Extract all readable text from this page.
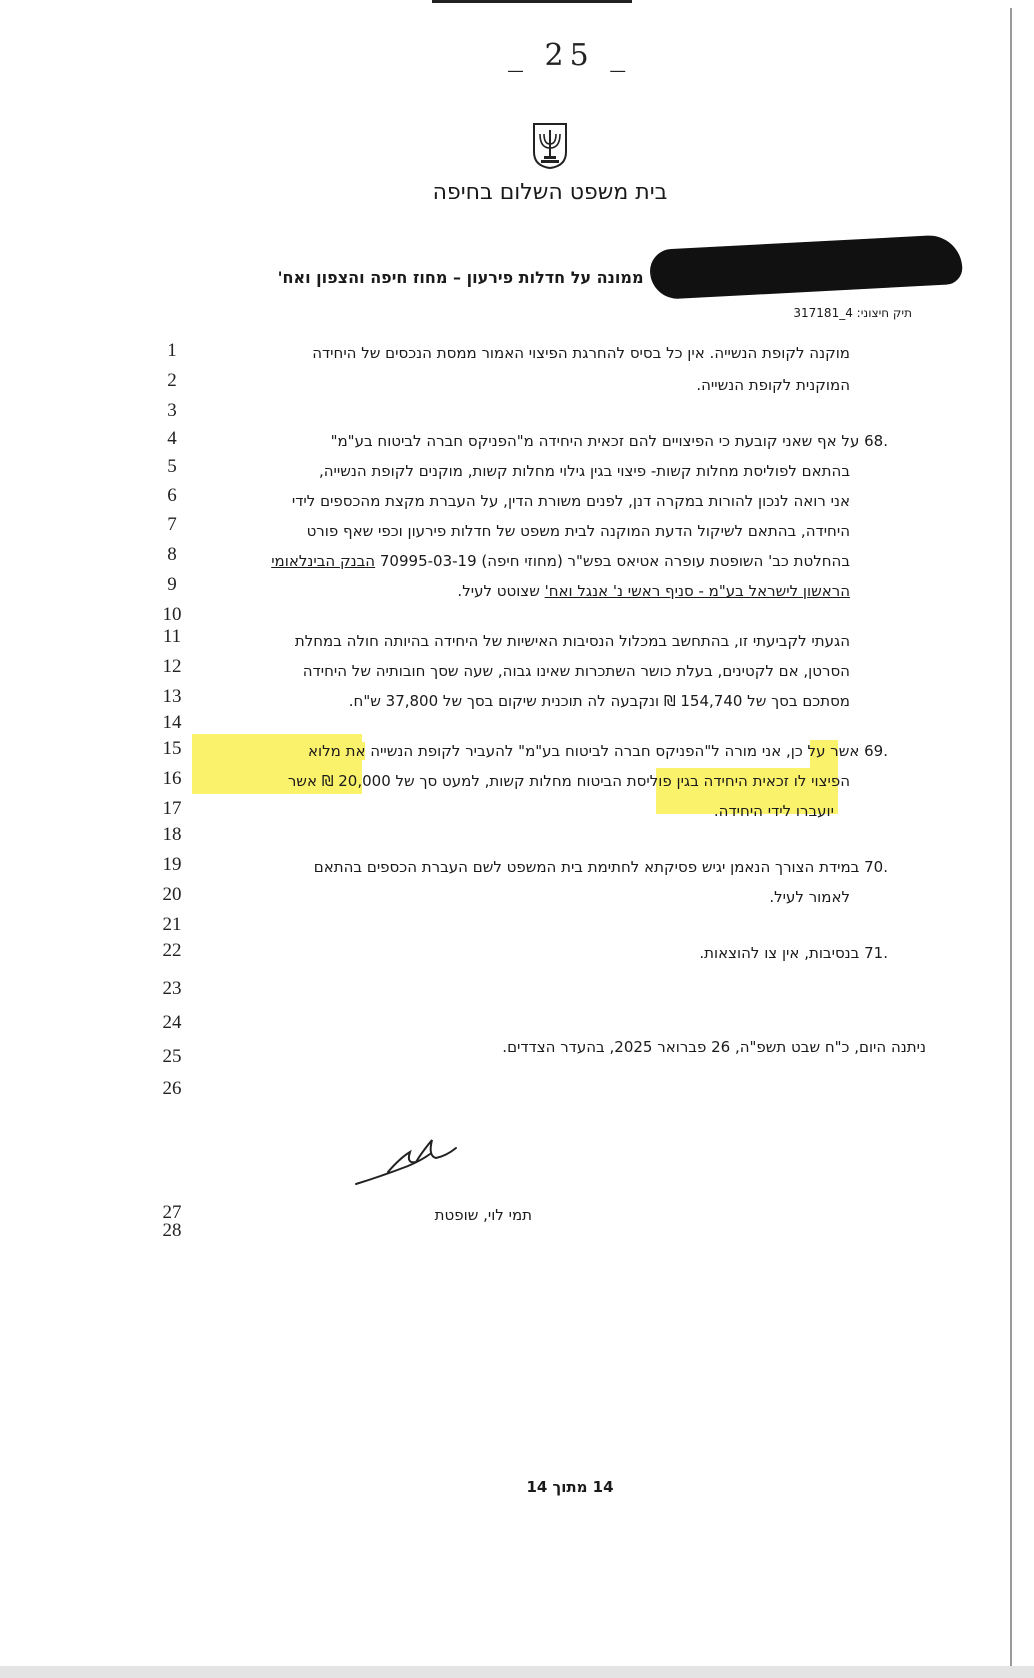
_ 25 _
בית משפט השלום בחיפה
' ממונה על חדלות פירעון – מחוז חיפה והצפון ואח'
תיק חיצוני: 4_317181
1
2
3
4
5
6
7
8
9
10
11
12
13
14
15
16
17
18
19
20
21
22
23
24
25
26
27
28
מוקנה לקופת הנשייה. אין כל בסיס להחרגת הפיצוי האמור ממסת הנכסים של היחידה
המוקנית לקופת הנשייה.
.68 על אף שאני קובעת כי הפיצויים להם זכאית היחידה מ"הפניקס חברה לביטוח בע"מ"
בהתאם לפוליסת מחלות קשות- פיצוי בגין גילוי מחלות קשות, מוקנים לקופת הנשייה,
אני רואה לנכון להורות במקרה דנן, לפנים משורת הדין, על העברת מקצת מהכספים לידי
היחידה, בהתאם לשיקול הדעת המוקנה לבית משפט של חדלות פירעון וכפי שאף פורט
בהחלטת כב' השופטת עופרה אטיאס בפש"ר (מחוזי חיפה) 70995-03-19 הבנק הבינלאומי
הראשון לישראל בע"מ - סניף ראשי נ' אנגל ואח' שצוטט לעיל.
הגעתי לקביעתי זו, בהתחשב במכלול הנסיבות האישיות של היחידה בהיותה חולה במחלת
הסרטן, אם לקטינים, בעלת כושר השתכרות שאינו גבוה, שעה שסך חובותיה של היחידה
מסתכם בסך של 154,740 ₪ ונקבעה לה תוכנית שיקום בסך של 37,800 ש"ח.
.69 אשר על כן, אני מורה ל"הפניקס חברה לביטוח בע"מ" להעביר לקופת הנשייה את מלוא
הפיצוי לו זכאית היחידה בגין פוליסת הביטוח מחלות קשות, למעט סך של 20,000 ₪ אשר
יועברו לידי היחידה.
.70 במידת הצורך הנאמן יגיש פסיקתא לחתימת בית המשפט לשם העברת הכספים בהתאם
לאמור לעיל.
.71 בנסיבות, אין צו להוצאות.
ניתנה היום, כ"ח שבט תשפ"ה, 26 פברואר 2025, בהעדר הצדדים.
תמי לוי, שופטת
14 מתוך 14
